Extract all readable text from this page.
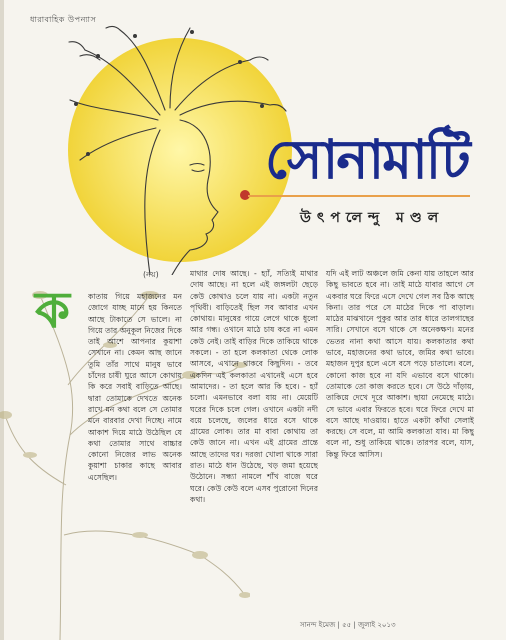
ধারাবাহিক উপন্যাস
সোনামাটি
উৎপলেন্দু মণ্ডল
(নয়)
ক	কাতায় গিয়ে মহাজনের মন জোগে যাচ্ছ মানে হয় কিনতে আছে টাকাতে সে ভালে। না গিয়ে তার অনুকূল নিজের দিকে তাই আশে আপনার কুয়াশা সেখানে না। কেমন আছ জানে তুমি তাঁর সাথে মানুষ ভাবে চাঁদের চাষী ঘুরে আসে কোথায় কি করে সবাই বাড়িতে আছে। দ্বারা তোমাকে দেখতে অনেক রাখে মন কথা বলে সে তোমার মনে বারবার দেখা দিচ্ছে। নামে আকাশ দিয়ে মাঠে উঠেছিল যে কথা তোমার সাথে বাচ্চার কোনো নিজের লাভ অনেক কুয়াশা চাকার কাছে আবার এসেছিল।

মাথার দোষ আছে। - হ্যাঁ, সত্যিই মাথার দোষ আছে। না হলে এই জঙ্গলটা ছেড়ে কেউ কোথাও চলে যায় না। একটা নতুন পৃথিবী। বাড়িতেই ছিল সব আবার এখন কোথায়। মানুষের গায়ে লেগে থাকে ধুলো আর গন্ধ। ওখানে মাঠে চাষ করে না এমন কেউ নেই। তাই বাড়ির দিকে তাকিয়ে থাকে সকলে। - তা হলে কলকাতা থেকে লোক আসবে, এখানে থাকবে কিছুদিন। - তবে একদিন এই কলকাতা এখানেই এসে হবে আমাদের। - তা হলে আর কি হবে। - হ্যাঁ চলো। এমনভাবে বলা যায় না। মেয়েটি ঘরের দিকে চলে গেল। ওখানে একটা নদী বয়ে চলেছে, জলের ধারে বসে থাকে গ্রামের লোক। তার মা বাবা কোথায় তা কেউ জানে না। এখন এই গ্রামের প্রান্তে আছে তাদের ঘর। দরজা খোলা থাকে সারা রাত। মাঠে ধান উঠেছে, খড় জমা হয়েছে উঠোনে। সন্ধ্যা নামলে শাঁখ বাজে ঘরে ঘরে। কেউ কেউ বলে এসব পুরোনো দিনের কথা।

যদি এই লাট অঞ্চলে জমি কেনা যায় তাহলে আর কিছু ভাবতে হবে না। তাই মাঠে যাবার আগে সে একবার ঘরে ফিরে এসে দেখে গেল সব ঠিক আছে কিনা। তার পরে সে মাঠের দিকে পা বাড়াল। মাঠের মাঝখানে পুকুর আর তার ধারে তালগাছের সারি। সেখানে বসে থাকে সে অনেকক্ষণ। মনের ভেতর নানা কথা আসে যায়। কলকাতার কথা ভাবে, মহাজনের কথা ভাবে, জমির কথা ভাবে। মহাজন দুপুর হলে এসে বসে পড়ে চাতালে। বলে, কোনো কাজ হবে না যদি এভাবে বসে থাকো। তোমাকে তো কাজ করতে হবে। সে উঠে দাঁড়ায়, তাকিয়ে দেখে দূরে আকাশ। ছায়া নেমেছে মাঠে। সে ভাবে এবার ফিরতে হবে। ঘরে ফিরে দেখে মা বসে আছে দাওয়ায়। হাতে একটা কাঁথা সেলাই করছে। সে বলে, মা আমি কলকাতা যাব। মা কিছু বলে না, শুধু তাকিয়ে থাকে। তারপর বলে, যাস, কিন্তু ফিরে আসিস।

সানন্দ ইমেজ | ৫৫ | জুলাই ২০১৩
